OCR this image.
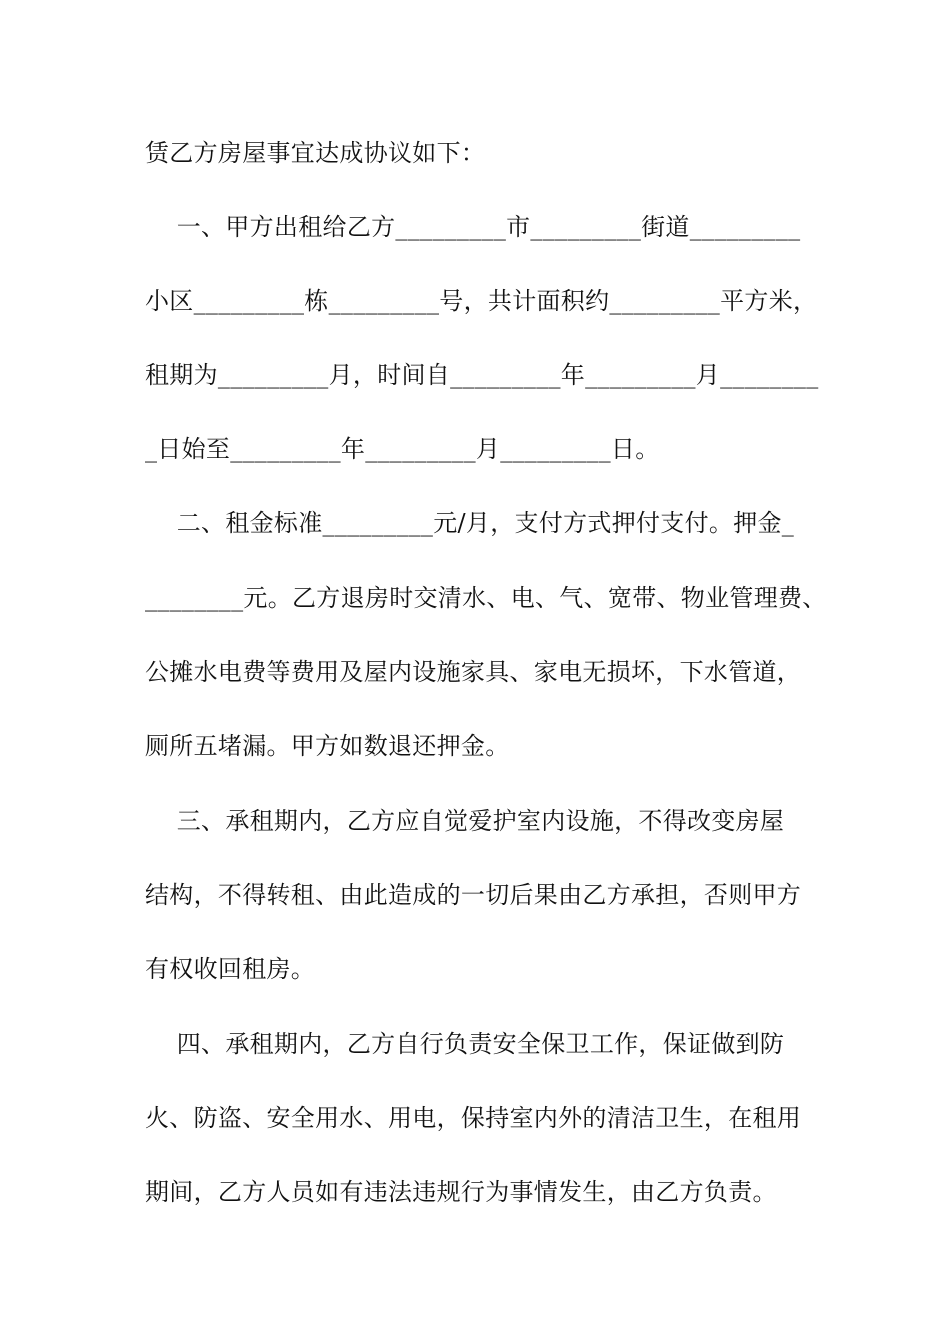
赁乙方房屋事宜达成协议如下：
一、甲方出租给乙方_________市_________街道_________
小区_________栋_________号，共计面积约_________平方米，
租期为_________月，时间自_________年_________月________
_日始至_________年_________月_________日。
二、租金标准_________元/月，支付方式押付支付。押金_
________元。乙方退房时交清水、电、气、宽带、物业管理费、
公摊水电费等费用及屋内设施家具、家电无损坏，下水管道，
厕所五堵漏。甲方如数退还押金。
三、承租期内，乙方应自觉爱护室内设施，不得改变房屋
结构，不得转租、由此造成的一切后果由乙方承担，否则甲方
有权收回租房。
四、承租期内，乙方自行负责安全保卫工作，保证做到防
火、防盗、安全用水、用电，保持室内外的清洁卫生，在租用
期间，乙方人员如有违法违规行为事情发生，由乙方负责。
